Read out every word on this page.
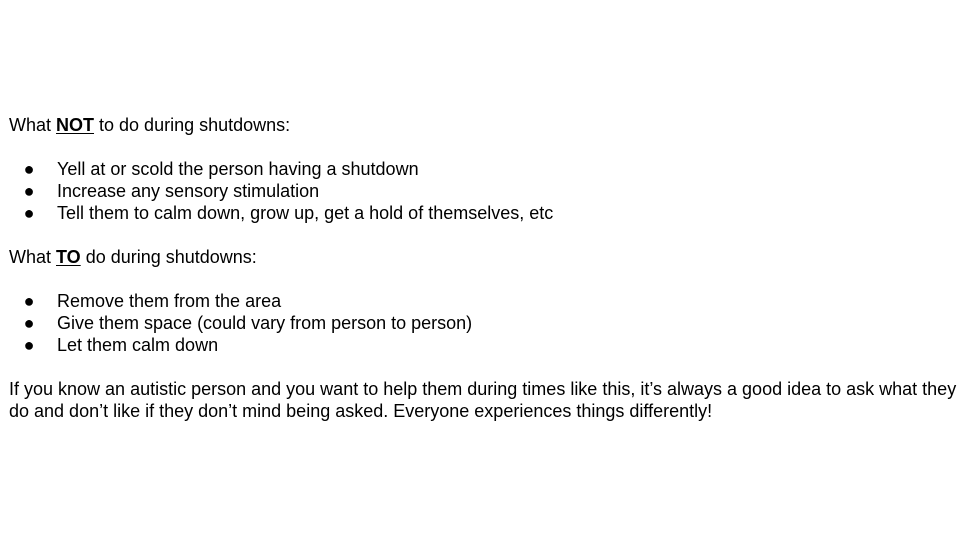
What NOT to do during shutdowns:

● Yell at or scold the person having a shutdown
● Increase any sensory stimulation
● Tell them to calm down, grow up, get a hold of themselves, etc

What TO do during shutdowns:

● Remove them from the area
● Give them space (could vary from person to person)
● Let them calm down

If you know an autistic person and you want to help them during times like this, it’s always a good idea to ask what they do and don’t like if they don’t mind being asked. Everyone experiences things differently!
